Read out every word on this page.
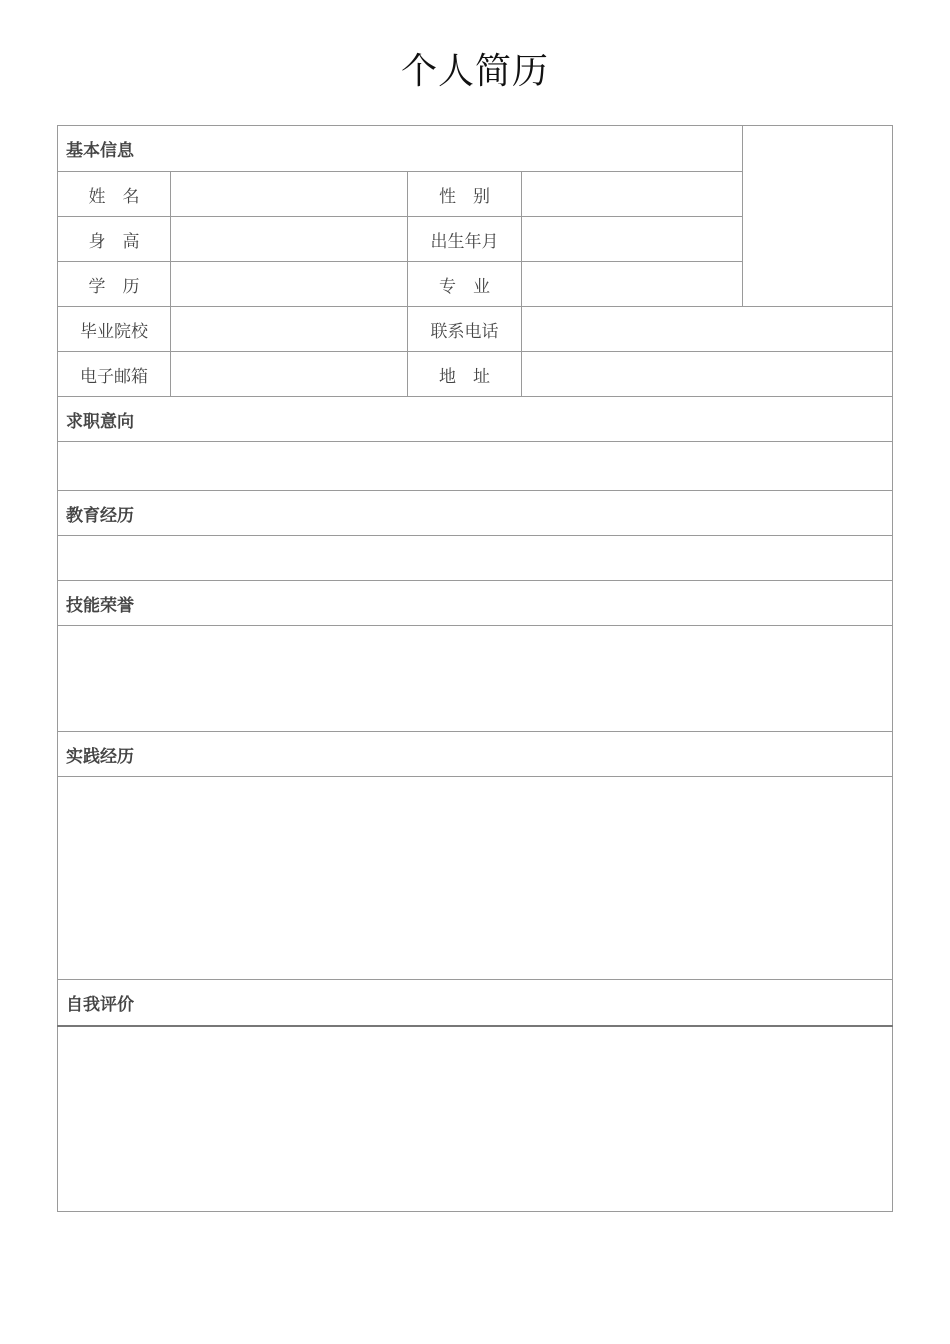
个人简历
基本信息				
姓　名		性　别		
身　高		出生年月		
学　历		专　业		
毕业院校		联系电话		
电子邮箱		地　址		
求职意向				

教育经历				

技能荣誉				

实践经历				

自我评价				
